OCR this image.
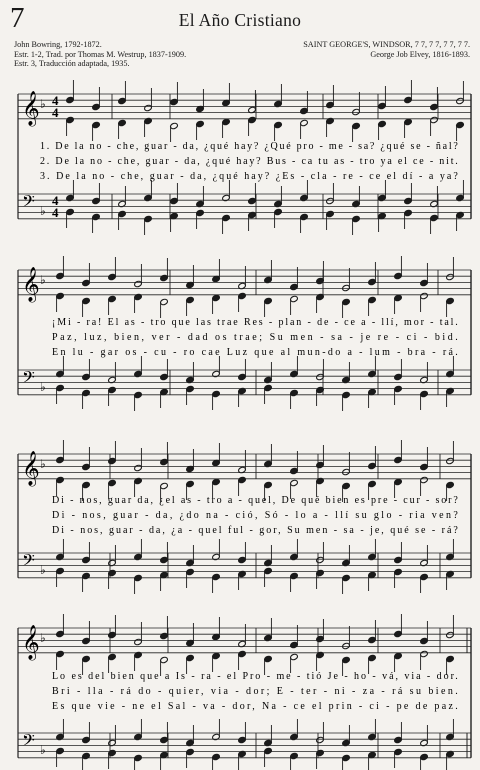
7	El Año Cristiano
John Bowring, 1792-1872.
Estr. 1-2, Trad. por Thomas M. Westrup, 1837-1909.
Estr. 3, Traducción adaptada, 1935.
SAINT GEORGE'S, WINDSOR, 7 7, 7 7, 7 7, 7 7.
George Job Elvey, 1816-1893.
𝄞
𝄢
♭
♭
4
4
4
4
1. De la no - che, guar - da, ¿qué hay? ¿Qué pro - me - sa? ¿qué se - ñal?
2. De la no - che, guar - da, ¿qué hay? Bus - ca tu as - tro ya el ce - nit.
3. De la no - che, guar - da, ¿qué hay? ¿Es - cla - re - ce el dí - a ya?
𝄞
𝄢
♭
♭
¡Mi - ra! El as - tro que las trae Res - plan - de - ce a - llí, mor - tal.
Paz, luz, bien, ver - dad os trae; Su men - sa - je re - ci - bid.
En lu - gar os - cu - ro cae Luz que al mun-do a - lum - bra - rá.
𝄞
𝄢
♭
♭
Di - nos, guar da, ¿el as - tro a - quel, De qué bien es pre - cur - sor?
Di - nos, guar - da, ¿do na - ció, Só - lo a - llí su glo - ria ven?
Di - nos, guar - da, ¿a - quel ful - gor, Su men - sa - je, qué se - rá?
𝄞
𝄢
♭
♭
Lo es del bien que a Is - ra - el Pro - me - tió Je - ho - vá, via - dor.
Bri - lla - rá do - quier, via - dor; E - ter - ni - za - rá su bien.
Es que vie - ne el Sal - va - dor, Na - ce el prin - ci - pe de paz.
